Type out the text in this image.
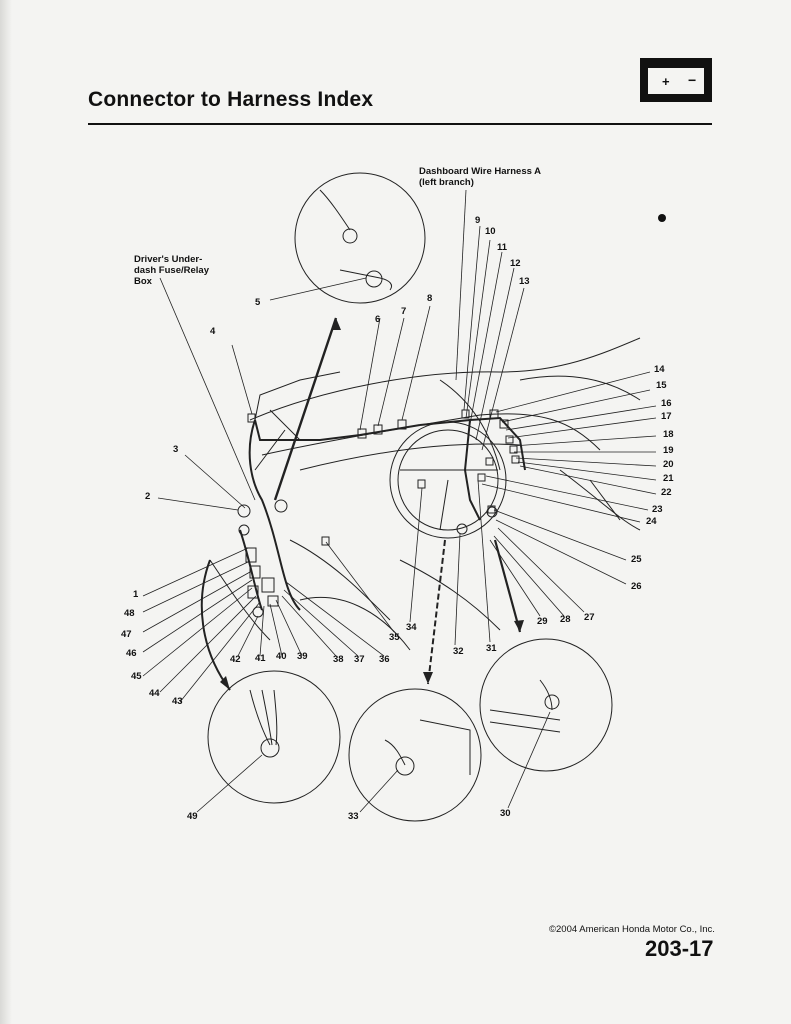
Connector to Harness Index
+ −
Dashboard Wire Harness A
(left branch)
Driver's Under-
dash Fuse/Relay
Box
1
2
3
4
5
6
7
8
9
10
11
12
13
14
15
16
17
18
19
20
21
22
23
24
25
26
27
28
29
30
31
32
33
34
35
36
37
38
39
40
41
42
43
44
45
46
47
48
49
©2004 American Honda Motor Co., Inc.
203-17
